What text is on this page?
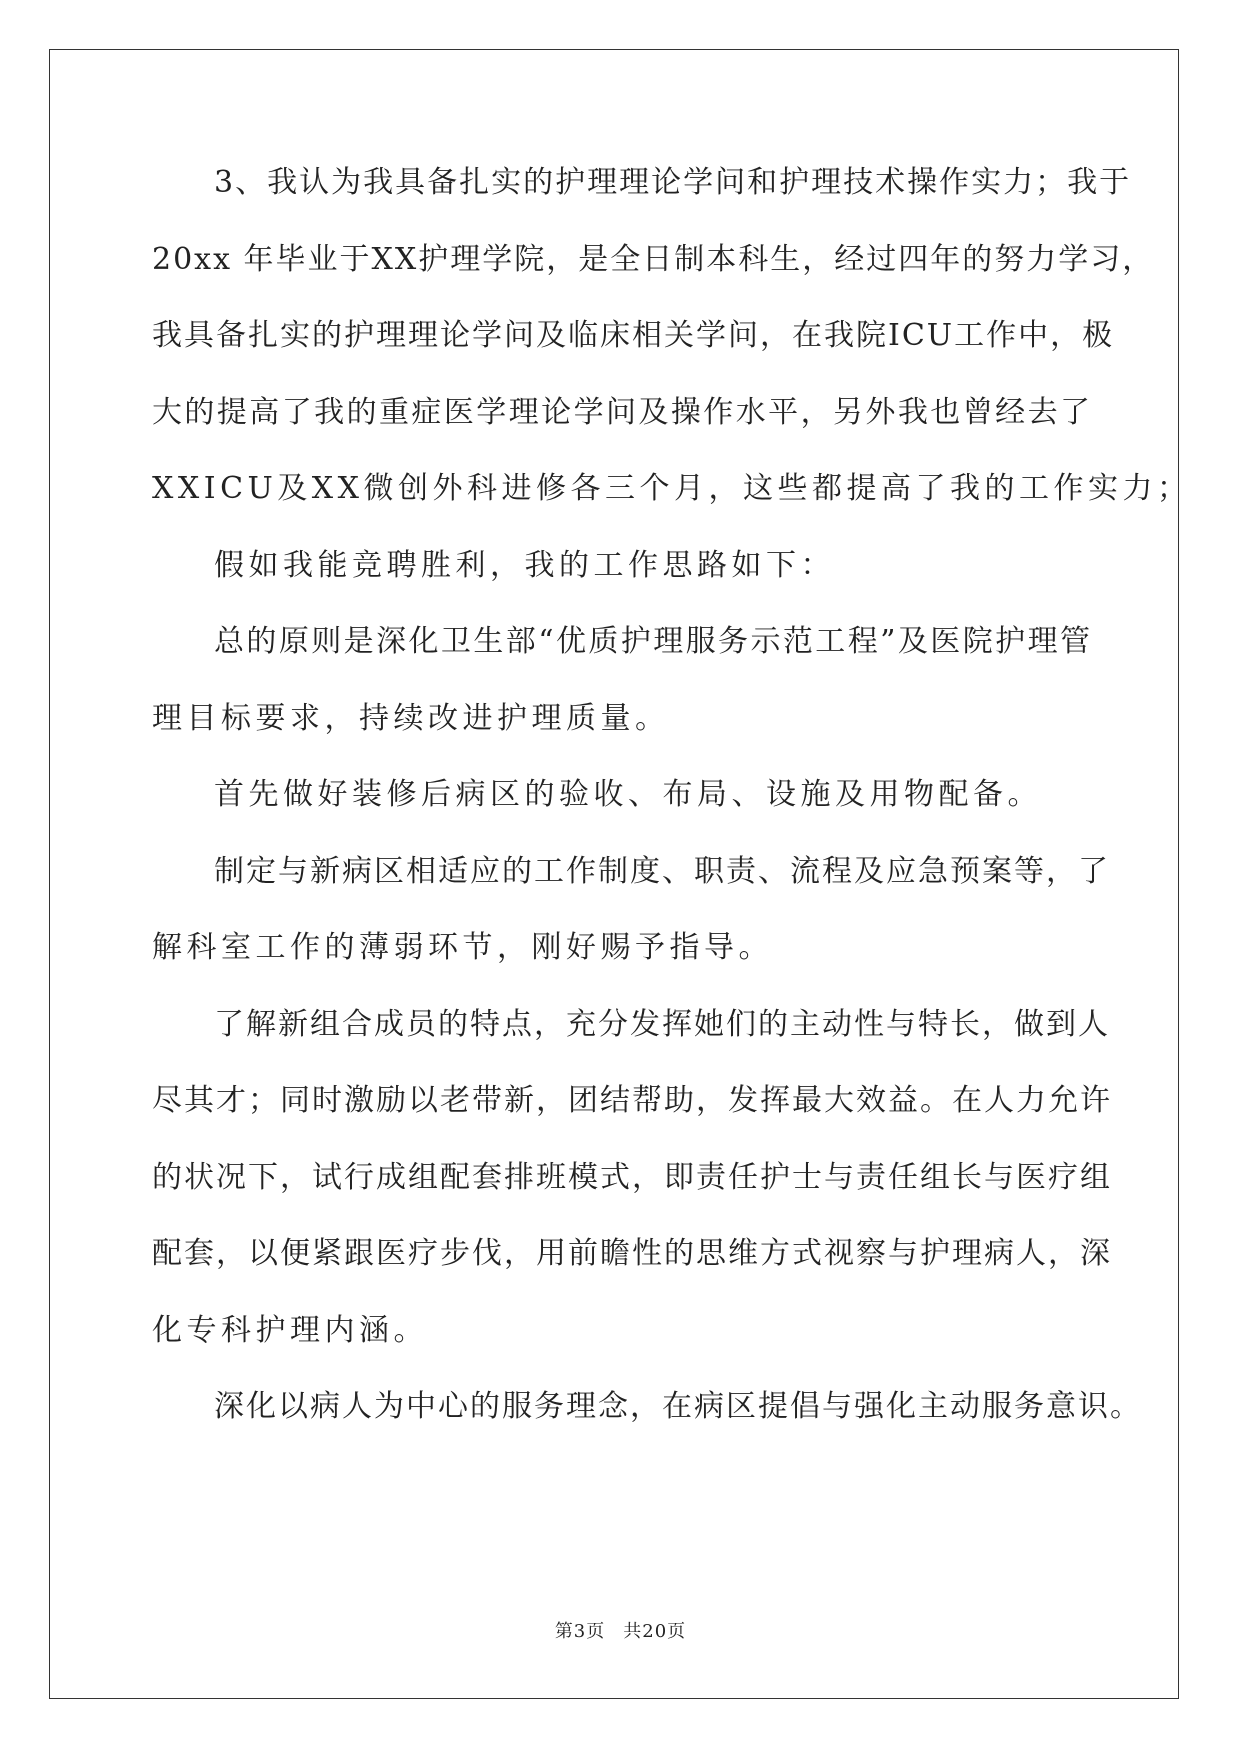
3、我认为我具备扎实的护理理论学问和护理技术操作实力；我于
20xx 年毕业于XX护理学院，是全日制本科生，经过四年的努力学习，
我具备扎实的护理理论学问及临床相关学问，在我院ICU工作中，极
大的提高了我的重症医学理论学问及操作水平，另外我也曾经去了
XXICU及XX微创外科进修各三个月，这些都提高了我的工作实力；
假如我能竞聘胜利，我的工作思路如下：
总的原则是深化卫生部“优质护理服务示范工程”及医院护理管
理目标要求，持续改进护理质量。
首先做好装修后病区的验收、布局、设施及用物配备。
制定与新病区相适应的工作制度、职责、流程及应急预案等，了
解科室工作的薄弱环节，刚好赐予指导。
了解新组合成员的特点，充分发挥她们的主动性与特长，做到人
尽其才；同时激励以老带新，团结帮助，发挥最大效益。在人力允许
的状况下，试行成组配套排班模式，即责任护士与责任组长与医疗组
配套，以便紧跟医疗步伐，用前瞻性的思维方式视察与护理病人，深
化专科护理内涵。
深化以病人为中心的服务理念，在病区提倡与强化主动服务意识。
第3页 共20页
